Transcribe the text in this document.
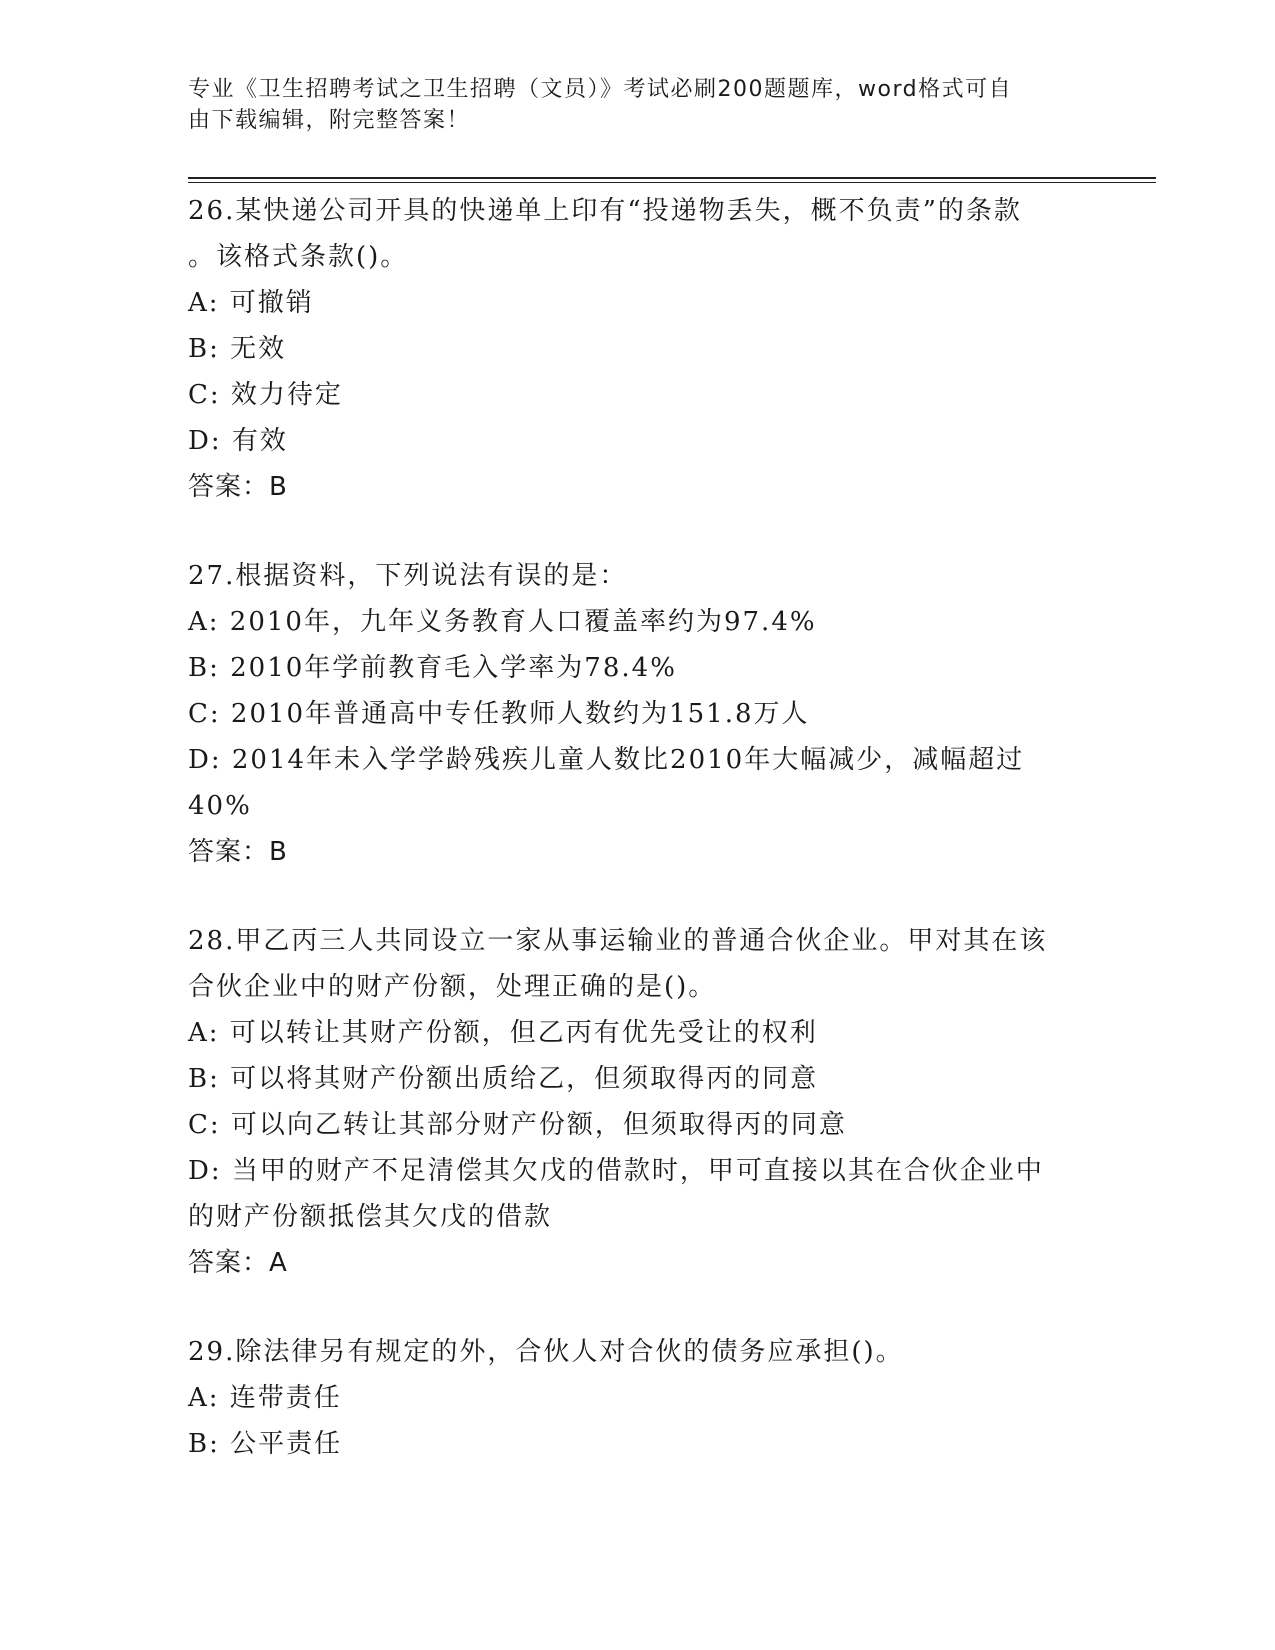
专业《卫生招聘考试之卫生招聘（文员）》考试必刷200题题库，word格式可自
由下载编辑，附完整答案！

26.某快递公司开具的快递单上印有“投递物丢失，概不负责”的条款

。该格式条款()。

A: 可撤销

B: 无效

C: 效力待定

D: 有效

答案：B

27.根据资料，下列说法有误的是：

A: 2010年，九年义务教育人口覆盖率约为97.4%

B: 2010年学前教育毛入学率为78.4%

C: 2010年普通高中专任教师人数约为151.8万人

D: 2014年未入学学龄残疾儿童人数比2010年大幅减少，减幅超过

40%

答案：B

28.甲乙丙三人共同设立一家从事运输业的普通合伙企业。甲对其在该

合伙企业中的财产份额，处理正确的是()。

A: 可以转让其财产份额，但乙丙有优先受让的权利

B: 可以将其财产份额出质给乙，但须取得丙的同意

C: 可以向乙转让其部分财产份额，但须取得丙的同意

D: 当甲的财产不足清偿其欠戊的借款时，甲可直接以其在合伙企业中

的财产份额抵偿其欠戊的借款

答案：A

29.除法律另有规定的外，合伙人对合伙的债务应承担()。

A: 连带责任

B: 公平责任
